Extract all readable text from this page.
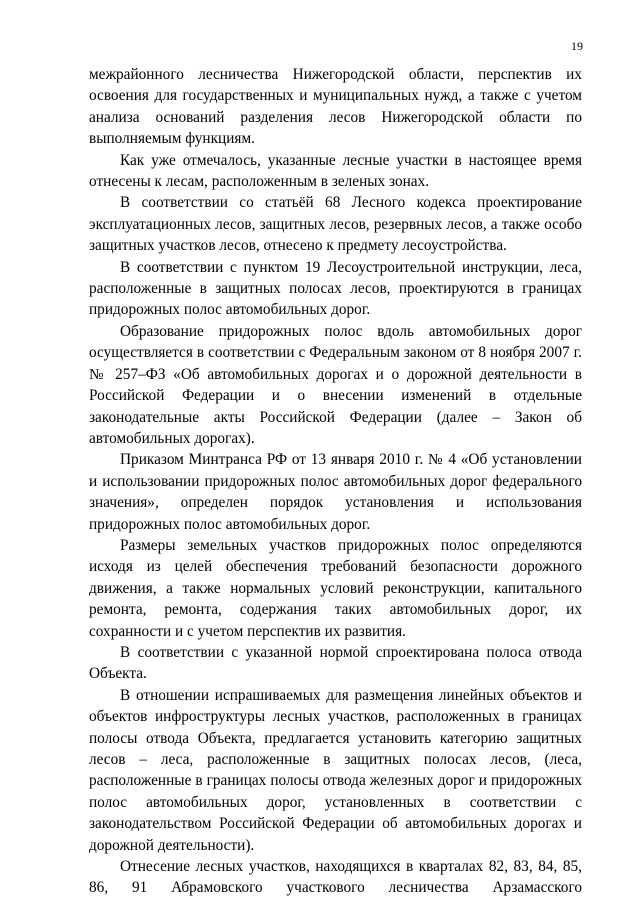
19

межрайонного лесничества Нижегородской области, перспектив их освоения для государственных и муниципальных нужд, а также с учетом анализа оснований разделения лесов Нижегородской области по выполняемым функциям.

Как уже отмечалось, указанные лесные участки в настоящее время отнесены к лесам, расположенным в зеленых зонах.

В соответствии со статьёй 68 Лесного кодекса проектирование эксплуатационных лесов, защитных лесов, резервных лесов, а также особо защитных участков лесов, отнесено к предмету лесоустройства.

В соответствии с пунктом 19 Лесоустроительной инструкции, леса, расположенные в защитных полосах лесов, проектируются в границах придорожных полос автомобильных дорог.

Образование придорожных полос вдоль автомобильных дорог осуществляется в соответствии с Федеральным законом от 8 ноября 2007 г. № 257–ФЗ «Об автомобильных дорогах и о дорожной деятельности в Российской Федерации и о внесении изменений в отдельные законодательные акты Российской Федерации (далее – Закон об автомобильных дорогах).

Приказом Минтранса РФ от 13 января 2010 г. № 4 «Об установлении и использовании придорожных полос автомобильных дорог федерального значения», определен порядок установления и использования придорожных полос автомобильных дорог.

Размеры земельных участков придорожных полос определяются исходя из целей обеспечения требований безопасности дорожного движения, а также нормальных условий реконструкции, капитального ремонта, ремонта, содержания таких автомобильных дорог, их сохранности и с учетом перспектив их развития.

В соответствии с указанной нормой спроектирована полоса отвода Объекта.

В отношении испрашиваемых для размещения линейных объектов и объектов инфроструктуры лесных участков, расположенных в границах полосы отвода Объекта, предлагается установить категорию защитных лесов – леса, расположенные в защитных полосах лесов, (леса, расположенные в границах полосы отвода железных дорог и придорожных полос автомобильных дорог, установленных в соответствии с законодательством Российской Федерации об автомобильных дорогах и дорожной деятельности).

Отнесение лесных участков, находящихся в кварталах 82, 83, 84, 85, 86, 91 Абрамовского участкового лесничества Арзамасского
